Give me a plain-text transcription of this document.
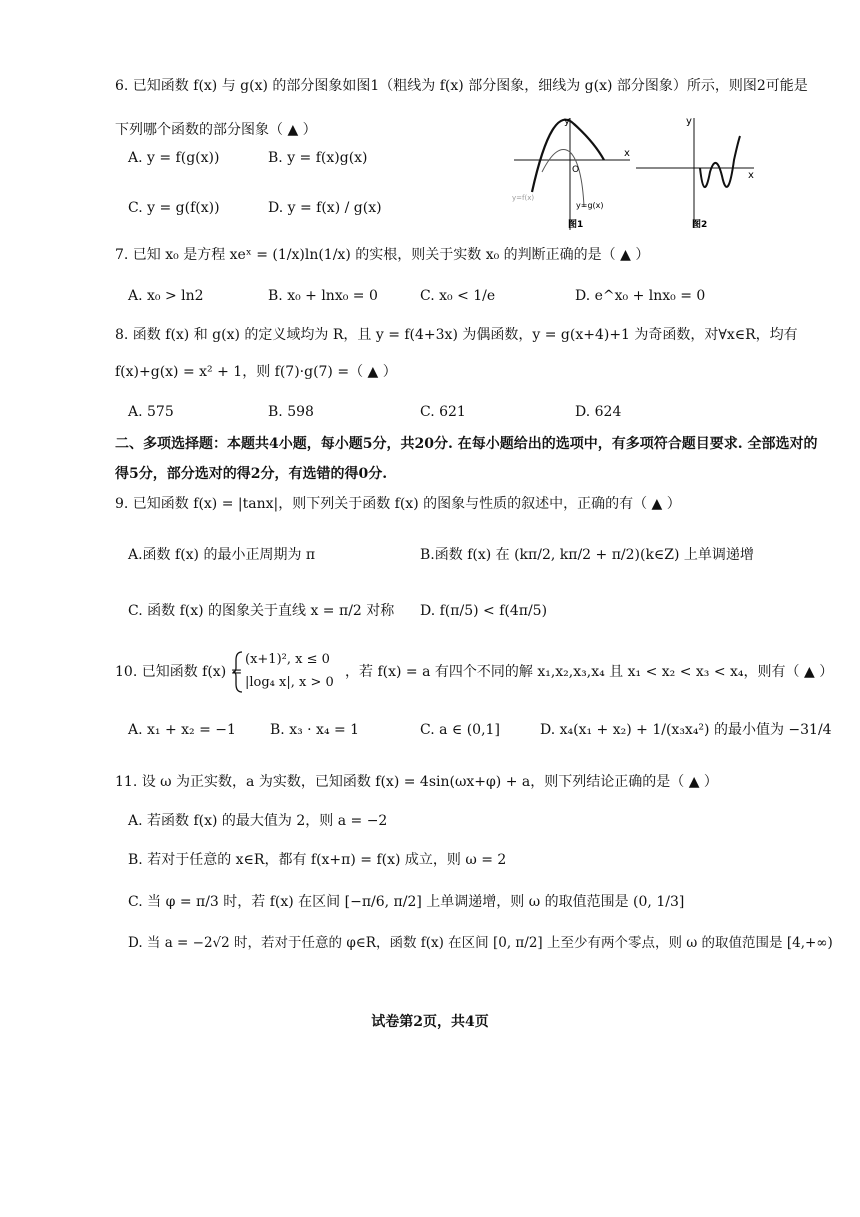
6. 已知函数 f(x) 与 g(x) 的部分图象如图1（粗线为 f(x) 部分图象，细线为 g(x) 部分图象）所示，则图2可能是
下列哪个函数的部分图象（ ▲ ）
A. y = f(g(x))	B. y = f(x)g(x)
C. y = g(f(x))	D. y = f(x) / g(x)
y
x
O
y=f(x)
y=g(x)
图1
y
x
图2
7. 已知 x₀ 是方程 xeˣ = (1/x)ln(1/x) 的实根，则关于实数 x₀ 的判断正确的是（ ▲ ）
A. x₀ > ln2	B. x₀ + lnx₀ = 0	C. x₀ < 1/e	D. e^x₀ + lnx₀ = 0
8. 函数 f(x) 和 g(x) 的定义域均为 R，且 y = f(4+3x) 为偶函数，y = g(x+4)+1 为奇函数，对∀x∈R，均有
f(x)+g(x) = x² + 1，则 f(7)·g(7) =（ ▲ ）
A. 575	B. 598	C. 621	D. 624
二、多项选择题：本题共4小题，每小题5分，共20分. 在每小题给出的选项中，有多项符合题目要求. 全部选对的
得5分，部分选对的得2分，有选错的得0分.
9. 已知函数 f(x) = |tanx|，则下列关于函数 f(x) 的图象与性质的叙述中，正确的有（ ▲ ）
A.函数 f(x) 的最小正周期为 π	B.函数 f(x) 在 (kπ/2, kπ/2 + π/2)(k∈Z) 上单调递增
C. 函数 f(x) 的图象关于直线 x = π/2 对称 D. f(π/5) < f(4π/5)
10. 已知函数 f(x) =
(x+1)², x ≤ 0
|log₄ x|, x > 0
，若 f(x) = a 有四个不同的解 x₁,x₂,x₃,x₄ 且 x₁ < x₂ < x₃ < x₄，则有（ ▲ ）
A. x₁ + x₂ = −1 B. x₃ · x₄ = 1	C. a ∈ (0,1]	D. x₄(x₁ + x₂) + 1/(x₃x₄²) 的最小值为 −31/4
11. 设 ω 为正实数，a 为实数，已知函数 f(x) = 4sin(ωx+φ) + a，则下列结论正确的是（ ▲ ）
A. 若函数 f(x) 的最大值为 2，则 a = −2
B. 若对于任意的 x∈R，都有 f(x+π) = f(x) 成立，则 ω = 2
C. 当 φ = π/3 时，若 f(x) 在区间 [−π/6, π/2] 上单调递增，则 ω 的取值范围是 (0, 1/3]
D. 当 a = −2√2 时，若对于任意的 φ∈R，函数 f(x) 在区间 [0, π/2] 上至少有两个零点，则 ω 的取值范围是 [4,+∞)
试卷第2页，共4页
